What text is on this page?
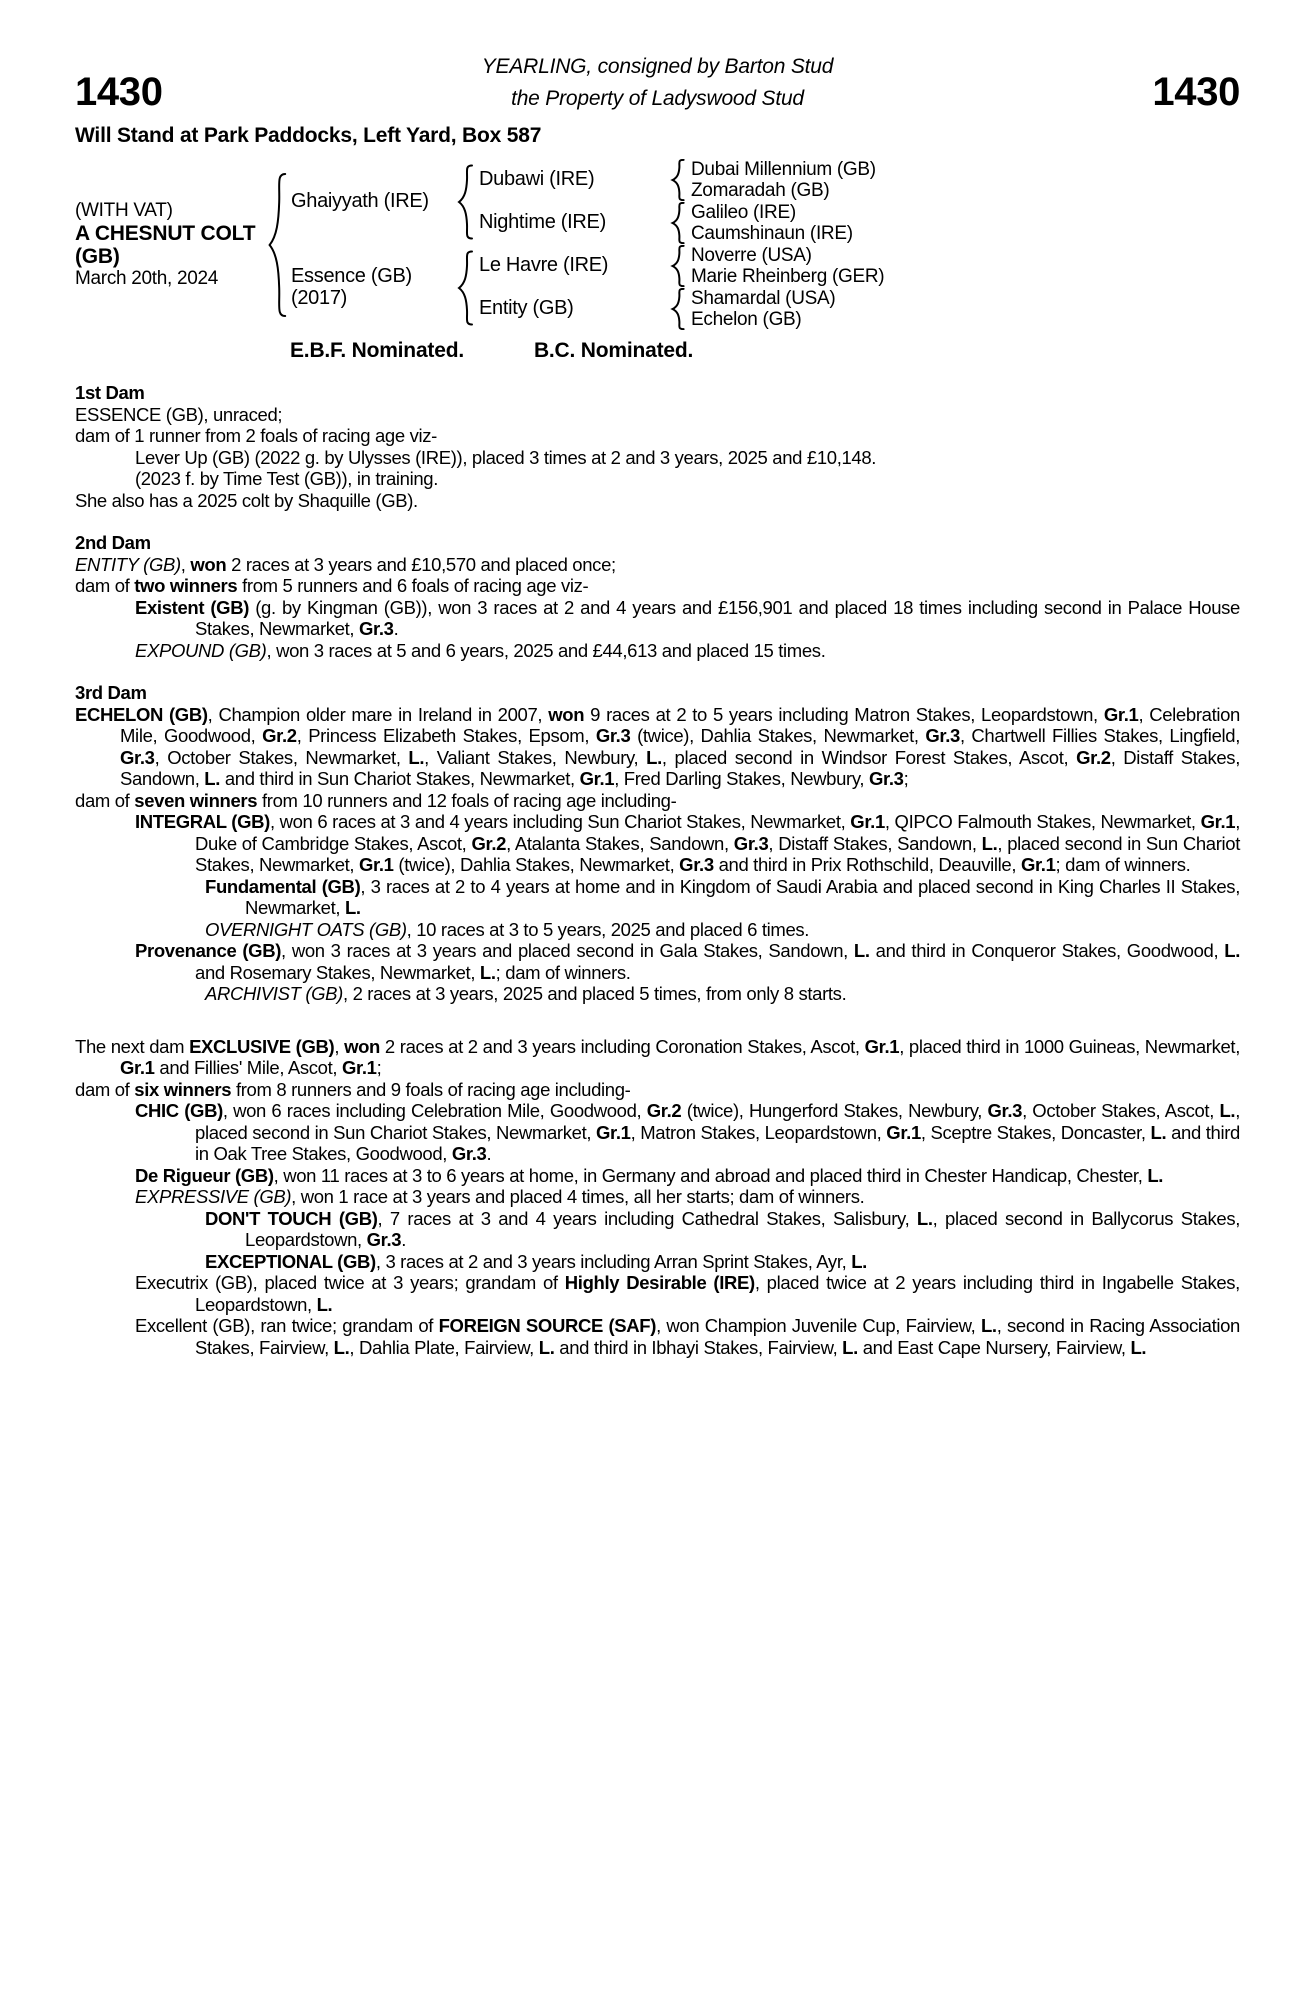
1430
YEARLING, consigned by Barton Stud
the Property of Ladyswood Stud	1430
Will Stand at Park Paddocks, Left Yard, Box 587
(WITH VAT)
A CHESNUT COLT
(GB)
March 20th, 2024
Ghaiyyath (IRE)
Essence (GB)
(2017)
Dubawi (IRE)
Nightime (IRE)
Le Havre (IRE)
Entity (GB)
Dubai Millennium (GB)
Zomaradah (GB)
Galileo (IRE)
Caumshinaun (IRE)
Noverre (USA)
Marie Rheinberg (GER)
Shamardal (USA)
Echelon (GB)
E.B.F. Nominated.	B.C. Nominated.
1st Dam
ESSENCE (GB), unraced;
dam of 1 runner from 2 foals of racing age viz-
Lever Up (GB) (2022 g. by Ulysses (IRE)), placed 3 times at 2 and 3 years, 2025 and £10,148.
(2023 f. by Time Test (GB)), in training.
She also has a 2025 colt by Shaquille (GB).
2nd Dam
ENTITY (GB), won 2 races at 3 years and £10,570 and placed once;
dam of two winners from 5 runners and 6 foals of racing age viz-
Existent (GB) (g. by Kingman (GB)), won 3 races at 2 and 4 years and £156,901 and placed 18 times including second in Palace House Stakes, Newmarket, Gr.3.
EXPOUND (GB), won 3 races at 5 and 6 years, 2025 and £44,613 and placed 15 times.
3rd Dam
ECHELON (GB), Champion older mare in Ireland in 2007, won 9 races at 2 to 5 years including Matron Stakes, Leopardstown, Gr.1, Celebration Mile, Goodwood, Gr.2, Princess Elizabeth Stakes, Epsom, Gr.3 (twice), Dahlia Stakes, Newmarket, Gr.3, Chartwell Fillies Stakes, Lingfield, Gr.3, October Stakes, Newmarket, L., Valiant Stakes, Newbury, L., placed second in Windsor Forest Stakes, Ascot, Gr.2, Distaff Stakes, Sandown, L. and third in Sun Chariot Stakes, Newmarket, Gr.1, Fred Darling Stakes, Newbury, Gr.3;
dam of seven winners from 10 runners and 12 foals of racing age including-
INTEGRAL (GB), won 6 races at 3 and 4 years including Sun Chariot Stakes, Newmarket, Gr.1, QIPCO Falmouth Stakes, Newmarket, Gr.1, Duke of Cambridge Stakes, Ascot, Gr.2, Atalanta Stakes, Sandown, Gr.3, Distaff Stakes, Sandown, L., placed second in Sun Chariot Stakes, Newmarket, Gr.1 (twice), Dahlia Stakes, Newmarket, Gr.3 and third in Prix Rothschild, Deauville, Gr.1; dam of winners.
Fundamental (GB), 3 races at 2 to 4 years at home and in Kingdom of Saudi Arabia and placed second in King Charles II Stakes, Newmarket, L.
OVERNIGHT OATS (GB), 10 races at 3 to 5 years, 2025 and placed 6 times.
Provenance (GB), won 3 races at 3 years and placed second in Gala Stakes, Sandown, L. and third in Conqueror Stakes, Goodwood, L. and Rosemary Stakes, Newmarket, L.; dam of winners.
ARCHIVIST (GB), 2 races at 3 years, 2025 and placed 5 times, from only 8 starts.
The next dam EXCLUSIVE (GB), won 2 races at 2 and 3 years including Coronation Stakes, Ascot, Gr.1, placed third in 1000 Guineas, Newmarket, Gr.1 and Fillies' Mile, Ascot, Gr.1;
dam of six winners from 8 runners and 9 foals of racing age including-
CHIC (GB), won 6 races including Celebration Mile, Goodwood, Gr.2 (twice), Hungerford Stakes, Newbury, Gr.3, October Stakes, Ascot, L., placed second in Sun Chariot Stakes, Newmarket, Gr.1, Matron Stakes, Leopardstown, Gr.1, Sceptre Stakes, Doncaster, L. and third in Oak Tree Stakes, Goodwood, Gr.3.
De Rigueur (GB), won 11 races at 3 to 6 years at home, in Germany and abroad and placed third in Chester Handicap, Chester, L.
EXPRESSIVE (GB), won 1 race at 3 years and placed 4 times, all her starts; dam of winners.
DON'T TOUCH (GB), 7 races at 3 and 4 years including Cathedral Stakes, Salisbury, L., placed second in Ballycorus Stakes, Leopardstown, Gr.3.
EXCEPTIONAL (GB), 3 races at 2 and 3 years including Arran Sprint Stakes, Ayr, L.
Executrix (GB), placed twice at 3 years; grandam of Highly Desirable (IRE), placed twice at 2 years including third in Ingabelle Stakes, Leopardstown, L.
Excellent (GB), ran twice; grandam of FOREIGN SOURCE (SAF), won Champion Juvenile Cup, Fairview, L., second in Racing Association Stakes, Fairview, L., Dahlia Plate, Fairview, L. and third in Ibhayi Stakes, Fairview, L. and East Cape Nursery, Fairview, L.
